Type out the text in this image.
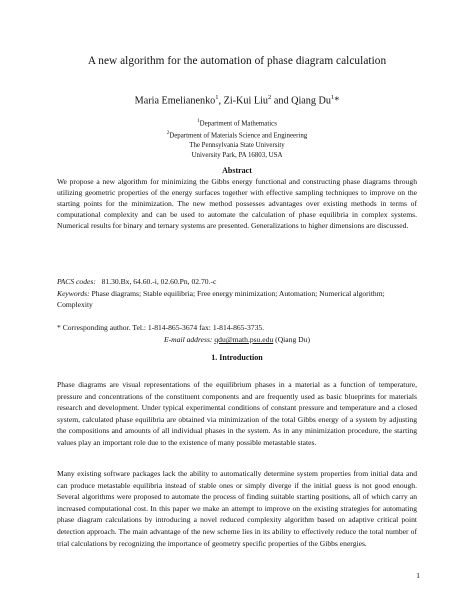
A new algorithm for the automation of phase diagram calculation
Maria Emelianenko$^1$, Zi-Kui Liu$^2$ and Qiang Du$^1$*
$^1$Department of Mathematics
$^2$Department of Materials Science and Engineering
The Pennsylvania State University
University Park, PA 16803, USA
Abstract
We propose a new algorithm for minimizing the Gibbs energy functional and constructing phase diagrams through utilizing geometric properties of the energy surfaces together with effective sampling techniques to improve on the starting points for the minimization. The new method possesses advantages over existing methods in terms of computational complexity and can be used to automate the calculation of phase equilibria in complex systems. Numerical results for binary and ternary systems are presented. Generalizations to higher dimensions are discussed.
PACS codes: 81.30.Bx, 64.60.-i, 02.60.Pn, 02.70.-c
Keywords: Phase diagrams; Stable equilibria; Free energy minimization; Automation; Numerical algorithm; Complexity
* Corresponding author. Tel.: 1-814-865-3674 fax: 1-814-865-3735.
E-mail address: qdu@math.psu.edu (Qiang Du)
1. Introduction
Phase diagrams are visual representations of the equilibrium phases in a material as a function of temperature, pressure and concentrations of the constituent components and are frequently used as basic blueprints for materials research and development. Under typical experimental conditions of constant pressure and temperature and a closed system, calculated phase equilibria are obtained via minimization of the total Gibbs energy of a system by adjusting the compositions and amounts of all individual phases in the system. As in any minimization procedure, the starting values play an important role due to the existence of many possible metastable states.
Many existing software packages lack the ability to automatically determine system properties from initial data and can produce metastable equilibria instead of stable ones or simply diverge if the initial guess is not good enough. Several algorithms were proposed to automate the process of finding suitable starting positions, all of which carry an increased computational cost. In this paper we make an attempt to improve on the existing strategies for automating phase diagram calculations by introducing a novel reduced complexity algorithm based on adaptive critical point detection approach. The main advantage of the new scheme lies in its ability to effectively reduce the total number of trial calculations by recognizing the importance of geometry specific properties of the Gibbs energies.
1
